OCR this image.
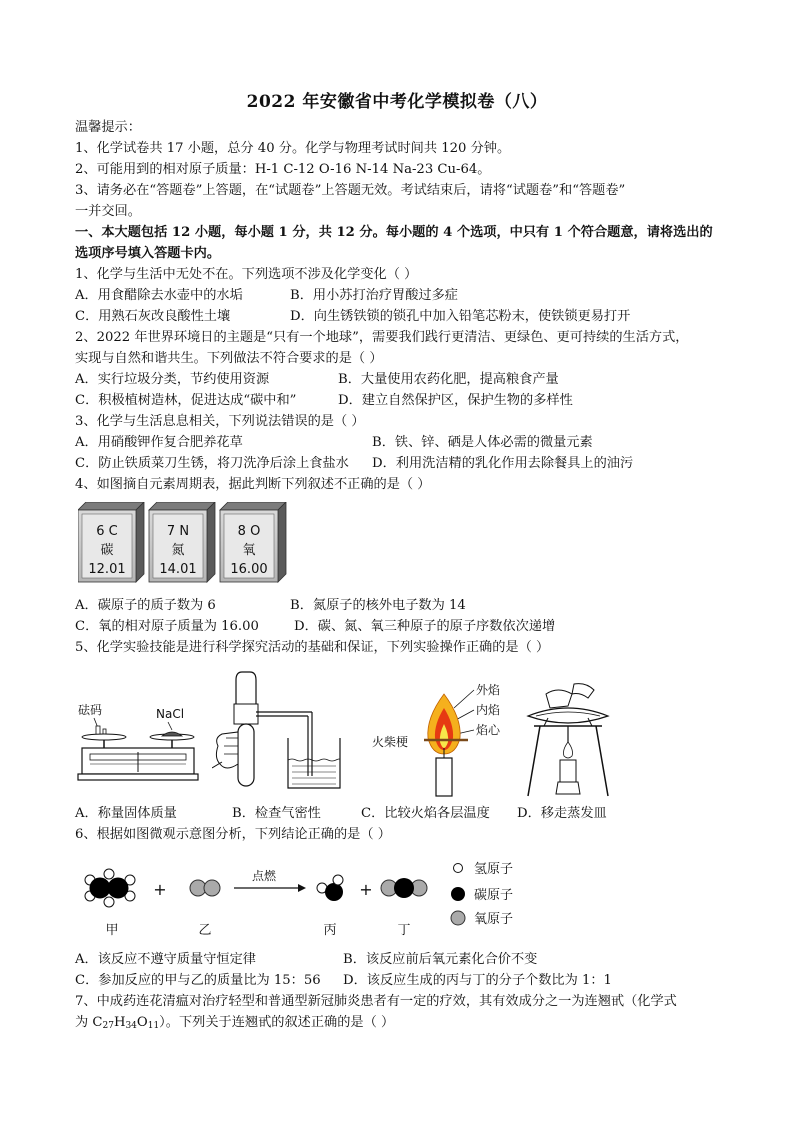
2022 年安徽省中考化学模拟卷（八）
温馨提示：
1、化学试卷共 17 小题，总分 40 分。化学与物理考试时间共 120 分钟。
2、可能用到的相对原子质量：H-1 C-12 O-16 N-14 Na-23 Cu-64。
3、请务必在“答题卷”上答题，在“试题卷”上答题无效。考试结束后，请将“试题卷”和“答题卷”
一并交回。
一、本大题包括 12 小题，每小题 1 分，共 12 分。每小题的 4 个选项，中只有 1 个符合题意，请将选出的
选项序号填入答题卡内。
1、化学与生活中无处不在。下列选项不涉及化学变化（ ）
A．用食醋除去水壶中的水垢	B．用小苏打治疗胃酸过多症
C．用熟石灰改良酸性土壤	D．向生锈铁锁的锁孔中加入铅笔芯粉末，使铁锁更易打开
2、2022 年世界环境日的主题是“只有一个地球”，需要我们践行更清洁、更绿色、更可持续的生活方式，
实现与自然和谐共生。下列做法不符合要求的是（ ）
A．实行垃圾分类，节约使用资源	B．大量使用农药化肥，提高粮食产量
C．积极植树造林，促进达成“碳中和”	D．建立自然保护区，保护生物的多样性
3、化学与生活息息相关，下列说法错误的是（ ）
A．用硝酸钾作复合肥养花草	B．铁、锌、硒是人体必需的微量元素
C．防止铁质菜刀生锈，将刀洗净后涂上食盐水 D．利用洗洁精的乳化作用去除餐具上的油污
4、如图摘自元素周期表，据此判断下列叙述不正确的是（ ）
6 C
碳
12.01
7 N
氮
14.01
8 O
氧
16.00
A．碳原子的质子数为 6	B．氮原子的核外电子数为 14
C．氧的相对原子质量为 16.00	D．碳、氮、氧三种原子的原子序数依次递增
5、化学实验技能是进行科学探究活动的基础和保证，下列实验操作正确的是（ ）
砝码	NaCl
外焰
内焰
焰心
火柴梗
A．称量固体质量	B．检查气密性	C．比较火焰各层温度 D．移走蒸发皿
6、根据如图微观示意图分析，下列结论正确的是（ ）
甲
+
乙
点燃
丙
+
丁
氢原子
碳原子
氧原子
A．该反应不遵守质量守恒定律	B．该反应前后氧元素化合价不变
C．参加反应的甲与乙的质量比为 15：56 D．该反应生成的丙与丁的分子个数比为 1：1
7、中成药连花清瘟对治疗轻型和普通型新冠肺炎患者有一定的疗效，其有效成分之一为连翘甙（化学式
为 $C_{27}H_{34}O_{11}$）。下列关于连翘甙的叙述正确的是（ ）
